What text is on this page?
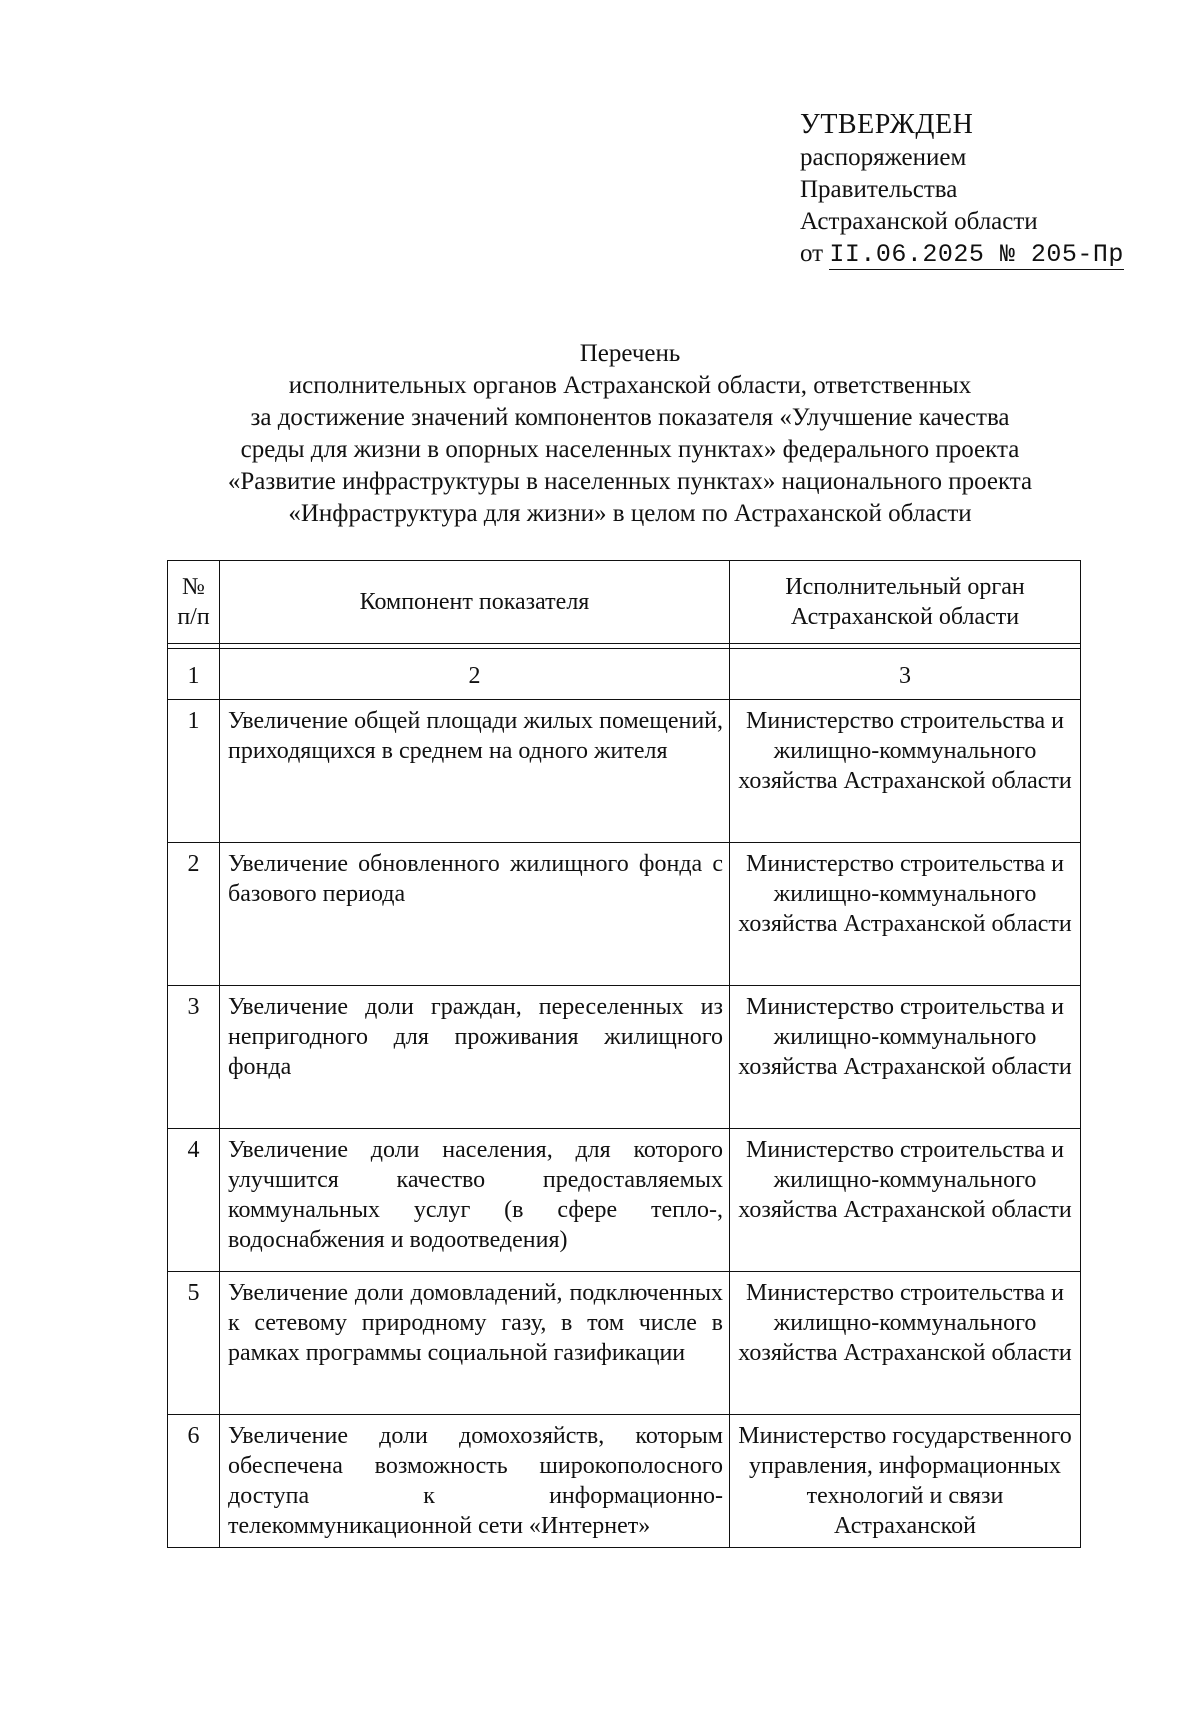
УТВЕРЖДЕН
распоряжением
Правительства
Астраханской области
от II.06.2025 № 205-Пр
Перечень
исполнительных органов Астраханской области, ответственных
за достижение значений компонентов показателя «Улучшение качества
среды для жизни в опорных населенных пунктах» федерального проекта
«Развитие инфраструктуры в населенных пунктах» национального проекта
«Инфраструктура для жизни» в целом по Астраханской области
№ п/п	Компонент показателя	Исполнительный орган Астраханской области

1	2	3
1	Увеличение общей площади жилых помещений, приходящихся в среднем на одного жителя	Министерство строительства и жилищно-коммунального хозяйства Астраханской области
2	Увеличение обновленного жилищного фонда с базового периода	Министерство строительства и жилищно-коммунального хозяйства Астраханской области
3	Увеличение доли граждан, переселенных из непригодного для проживания жилищного фонда	Министерство строительства и жилищно-коммунального хозяйства Астраханской области
4	Увеличение доли населения, для которого улучшится качество предоставляемых коммунальных услуг (в сфере тепло-, водоснабжения и водоотведения)	Министерство строительства и жилищно-коммунального хозяйства Астраханской области
5	Увеличение доли домовладений, подключенных к сетевому природному газу, в том числе в рамках программы социальной газификации	Министерство строительства и жилищно-коммунального хозяйства Астраханской области
6	Увеличение доли домохозяйств, которым обеспечена возможность широкополосного доступа к информационно-телекоммуникационной сети «Интернет»	Министерство государственного управления, информационных технологий и связи Астраханской
